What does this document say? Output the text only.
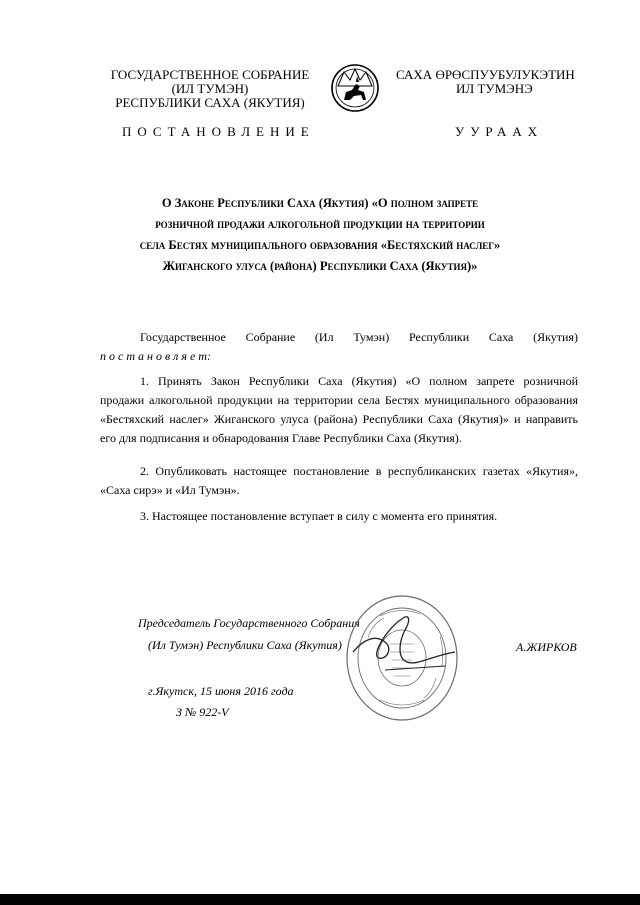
ГОСУДАРСТВЕННОЕ СОБРАНИЕ
(ИЛ ТУМЭН)
РЕСПУБЛИКИ САХА (ЯКУТИЯ)
САХА ӨРӨСПУУБУЛУКЭТИН
ИЛ ТУМЭНЭ
ПОСТАНОВЛЕНИЕ	УУРААХ
О Законе Республики Саха (Якутия) «О полном запрете
розничной продажи алкогольной продукции на территории
села Бестях муниципального образования «Бестяхский наслег»
Жиганского улуса (района) Республики Саха (Якутия)»
Государственное Собрание (Ил Тумэн) Республики Саха (Якутия)
п о с т а н о в л я е т:
1. Принять Закон Республики Саха (Якутия) «О полном запрете розничной
продажи алкогольной продукции на территории села Бестях муниципального образования
«Бестяхский наслег» Жиганского улуса (района) Республики Саха (Якутия)» и направить
его для подписания и обнародования Главе Республики Саха (Якутия).
2. Опубликовать настоящее постановление в республиканских газетах «Якутия»,
«Саха сирэ» и «Ил Тумэн».
3. Настоящее постановление вступает в силу с момента его принятия.
Председатель Государственного Собрания
(Ил Тумэн) Республики Саха (Якутия)	А.ЖИРКОВ
г.Якутск, 15 июня 2016 года
З № 922-V
